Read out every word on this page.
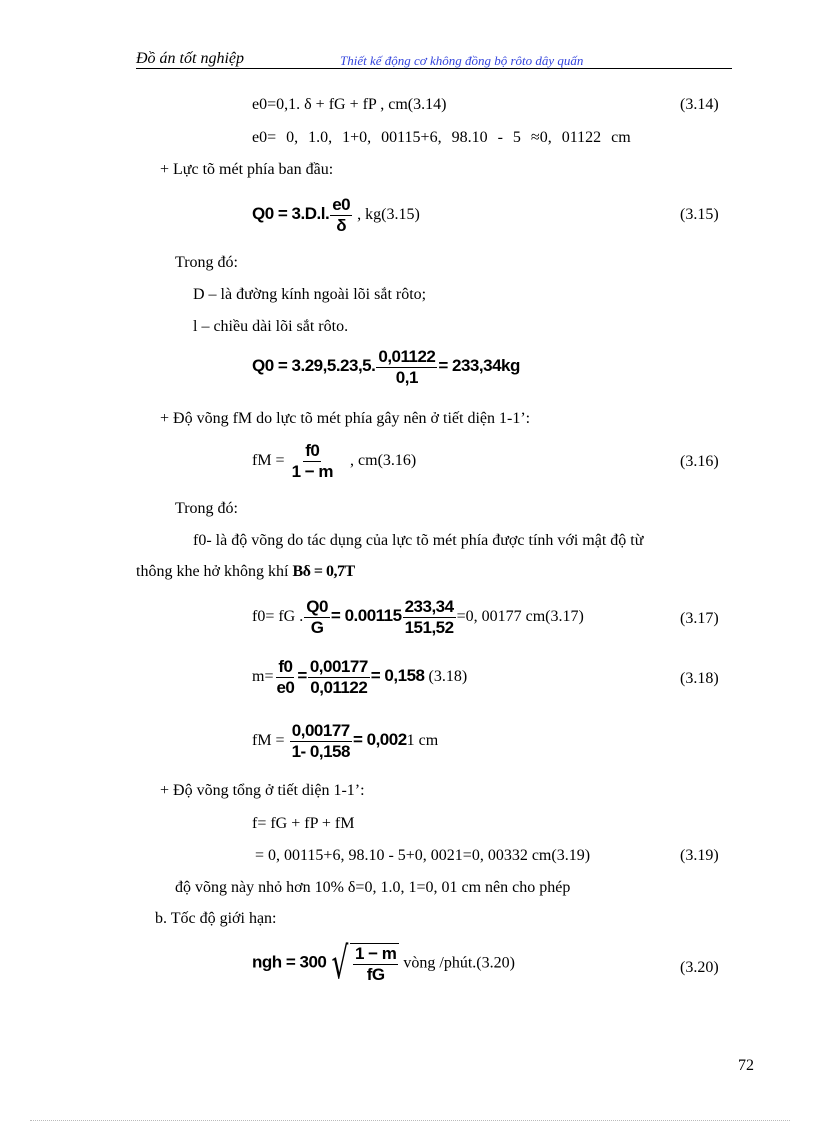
Đồ án tốt nghiệp	Thiết kế động cơ không đồng bộ rôto dây quấn
e0=0,1. δ + fG + fP , cm(3.14)	(3.14)
e0= 0, 1.0, 1+0, 00115+6, 98.10 - 5 ≈0, 01122 cm
+ Lực tõ mét phía ban đầu:
Q0 = 3.D.l. $\frac{e0}{\delta}$ , kg(3.15)	(3.15)
Trong đó:
D – là đường kính ngoài lõi sắt rôto;
l – chiều dài lõi sắt rôto.
Q0 = 3.29,5.23,5. $\frac{0,01122}{0,1} = 233,34kg$
+ Độ võng fM do lực tõ mét phía gây nên ở tiết diện 1-1’:
fM = $\frac{f0}{1 - m}$ , cm(3.16)	(3.16)
Trong đó:
f0- là độ võng do tác dụng của lực tõ mét phía được tính với mật độ từ
thông khe hở không khí Bδ = 0,7T
f0= fG . $\frac{Q0}{G} = 0.00115 \frac{233,34}{151,52} =0$, 00177 cm(3.17)	(3.17)
$m= \frac{f0}{e0} = \frac{0,00177}{0,01122} = 0,158$ (3.18)	(3.18)
fM = $\frac{0,00177}{1- 0,158} = 0,0021$ cm
+ Độ võng tổng ở tiết diện 1-1’:
f= fG + fP + fM
= 0, 00115+6, 98.10 - 5+0, 0021=0, 00332 cm(3.19)	(3.19)
độ võng này nhỏ hơn 10% δ=0, 1.0, 1=0, 01 cm nên cho phép
b. Tốc độ giới hạn:
ngh = 300 √ $\frac{1 - m}{fG}$ vòng /phút.(3.20)	(3.20)
72
